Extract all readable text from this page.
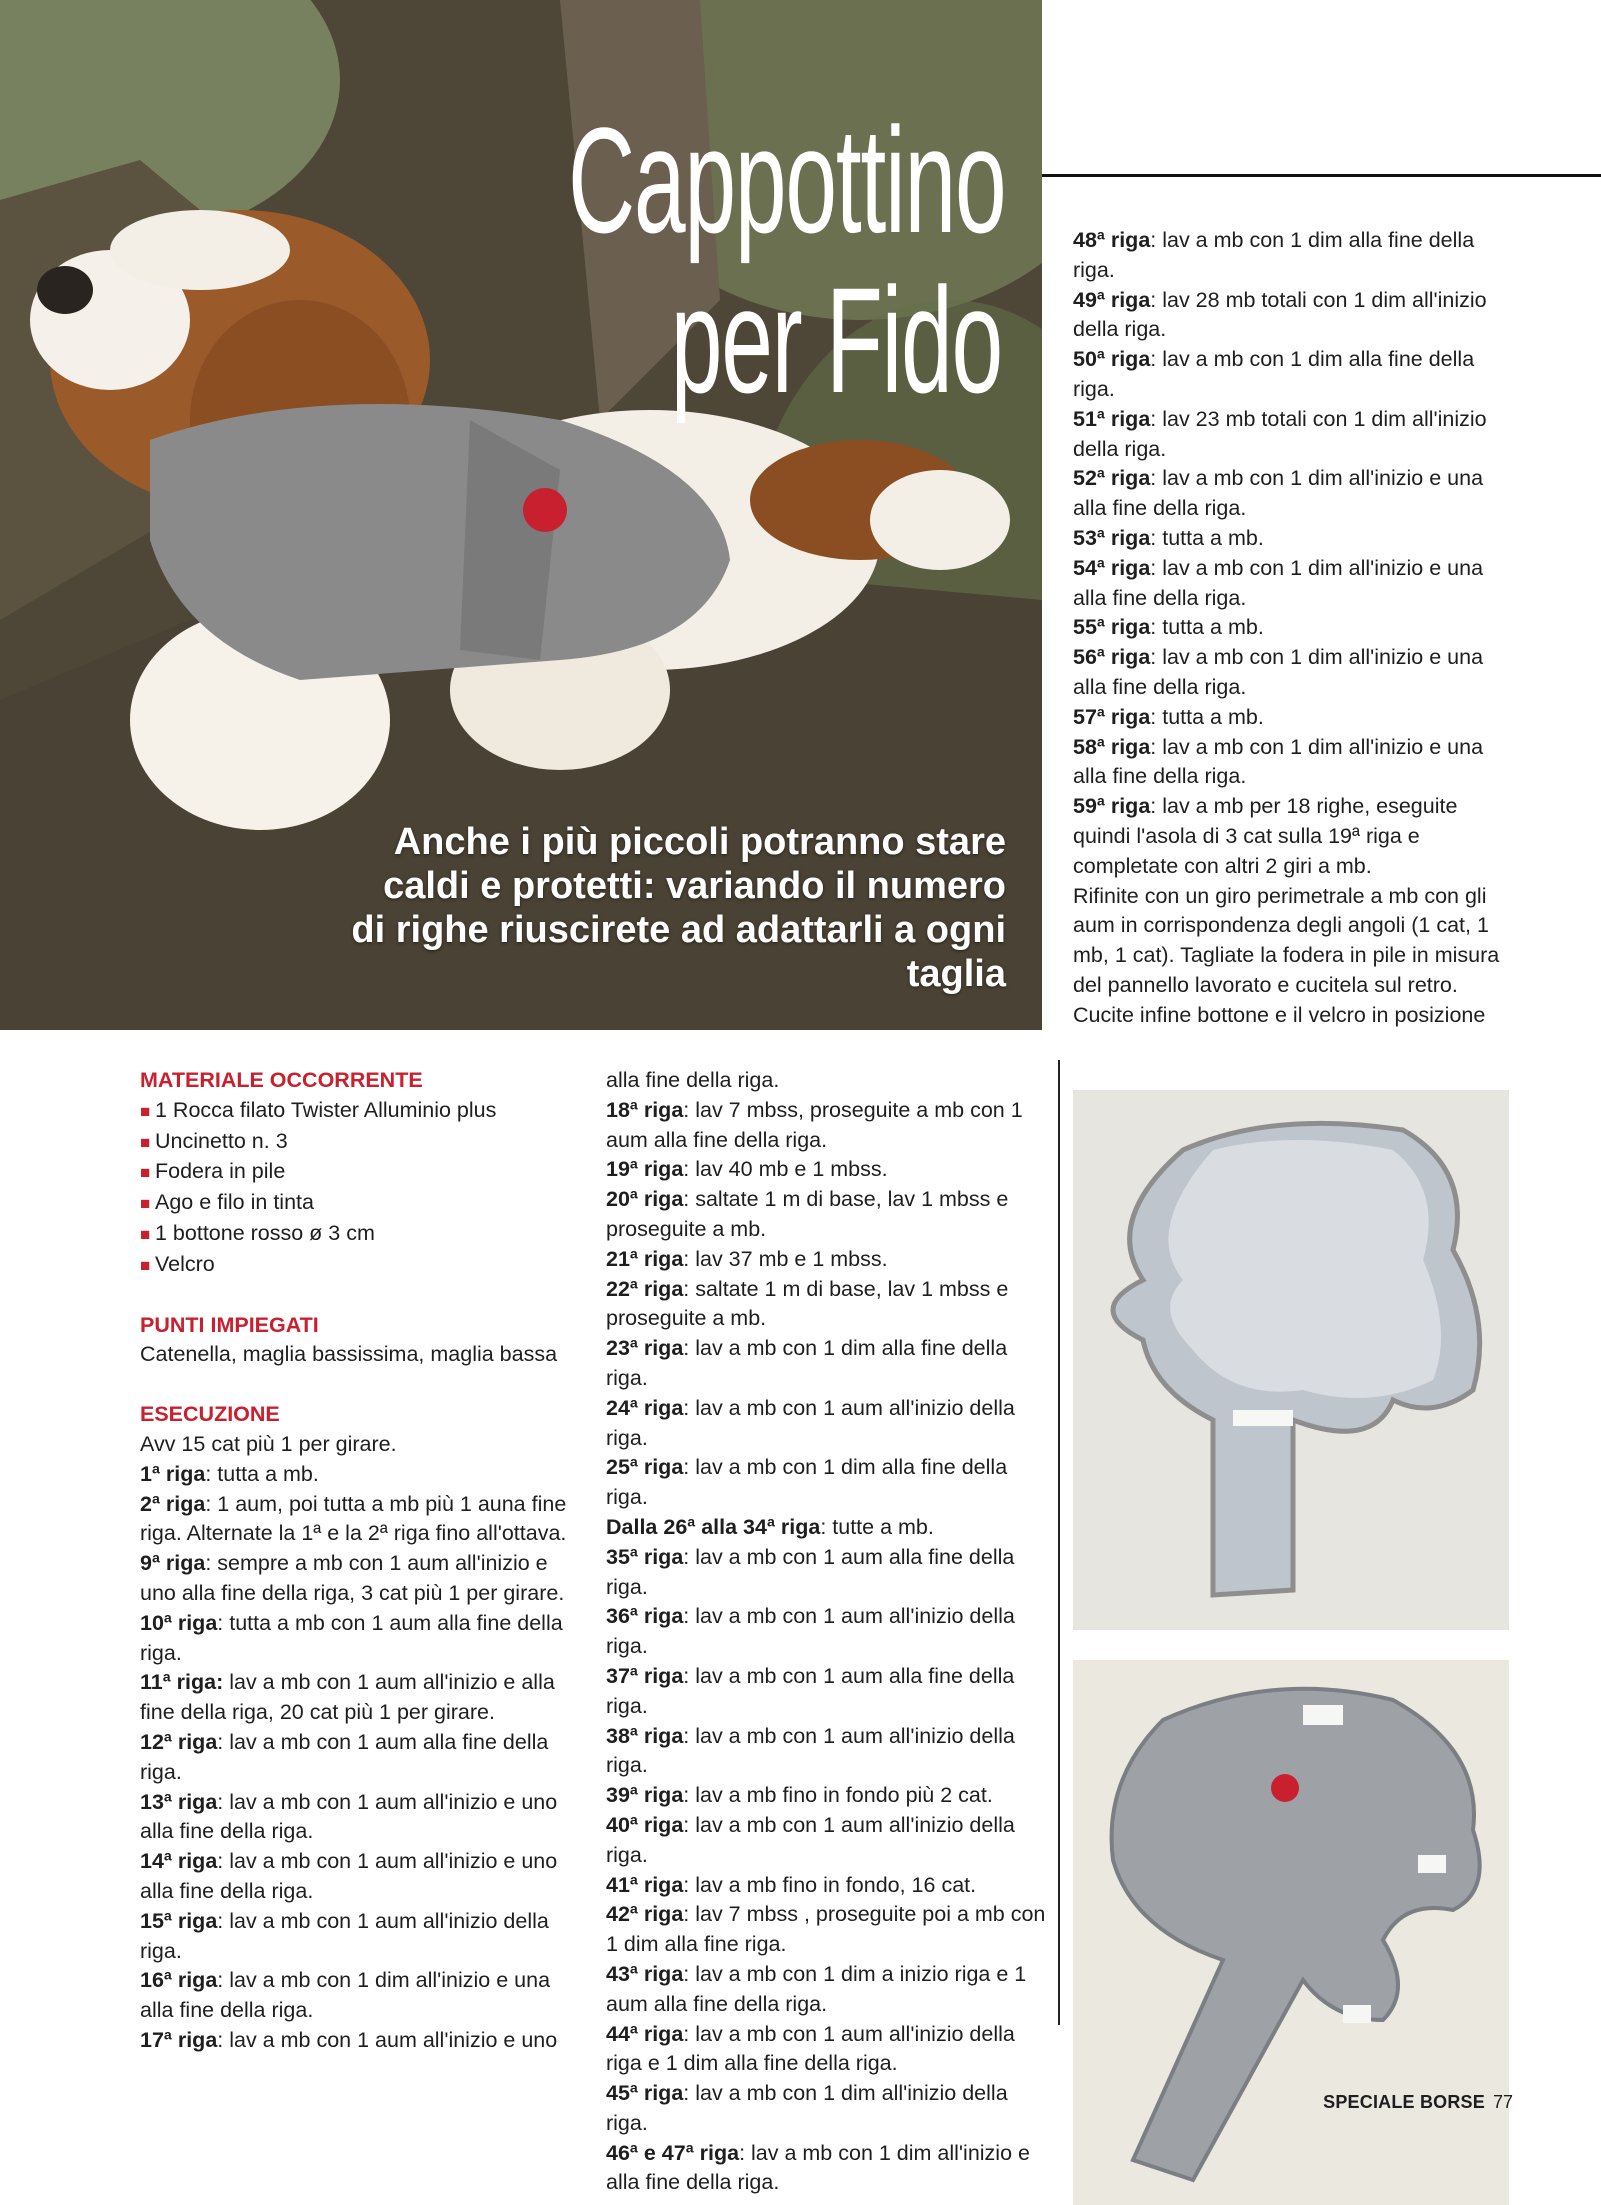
Cappottino
per Fido
Anche i più piccoli potranno stare caldi e protetti: variando il numero di righe riuscirete ad adattarli a ogni taglia

MATERIALE OCCORRENTE

■ 1 Rocca filato Twister Alluminio plus

■ Uncinetto n. 3

■ Fodera in pile

■ Ago e filo in tinta

■ 1 bottone rosso ø 3 cm

■ Velcro

PUNTI IMPIEGATI

Catenella, maglia bassissima, maglia bassa

ESECUZIONE

Avv 15 cat più 1 per girare.

1ª riga: tutta a mb.

2ª riga: 1 aum, poi tutta a mb più 1 auna fine riga. Alternate la 1ª e la 2ª riga fino all'ottava.

9ª riga: sempre a mb con 1 aum all'inizio e uno alla fine della riga, 3 cat più 1 per girare.

10ª riga: tutta a mb con 1 aum alla fine della riga.

11ª riga: lav a mb con 1 aum all'inizio e alla fine della riga, 20 cat più 1 per girare.

12ª riga: lav a mb con 1 aum alla fine della riga.

13ª riga: lav a mb con 1 aum all'inizio e uno alla fine della riga.

14ª riga: lav a mb con 1 aum all'inizio e uno alla fine della riga.

15ª riga: lav a mb con 1 aum all'inizio della riga.

16ª riga: lav a mb con 1 dim all'inizio e una alla fine della riga.

17ª riga: lav a mb con 1 aum all'inizio e uno

alla fine della riga.

18ª riga: lav 7 mbss, proseguite a mb con 1 aum alla fine della riga.

19ª riga: lav 40 mb e 1 mbss.

20ª riga: saltate 1 m di base, lav 1 mbss e proseguite a mb.

21ª riga: lav 37 mb e 1 mbss.

22ª riga: saltate 1 m di base, lav 1 mbss e proseguite a mb.

23ª riga: lav a mb con 1 dim alla fine della riga.

24ª riga: lav a mb con 1 aum all'inizio della riga.

25ª riga: lav a mb con 1 dim alla fine della riga.

Dalla 26ª alla 34ª riga: tutte a mb.

35ª riga: lav a mb con 1 aum alla fine della riga.

36ª riga: lav a mb con 1 aum all'inizio della riga.

37ª riga: lav a mb con 1 aum alla fine della riga.

38ª riga: lav a mb con 1 aum all'inizio della riga.

39ª riga: lav a mb fino in fondo più 2 cat.

40ª riga: lav a mb con 1 aum all'inizio della riga.

41ª riga: lav a mb fino in fondo, 16 cat.

42ª riga: lav 7 mbss , proseguite poi a mb con 1 dim alla fine riga.

43ª riga: lav a mb con 1 dim a inizio riga e 1 aum alla fine della riga.

44ª riga: lav a mb con 1 aum all'inizio della riga e 1 dim alla fine della riga.

45ª riga: lav a mb con 1 dim all'inizio della riga.

46ª e 47ª riga: lav a mb con 1 dim all'inizio e alla fine della riga.

48ª riga: lav a mb con 1 dim alla fine della riga.

49ª riga: lav 28 mb totali con 1 dim all'inizio della riga.

50ª riga: lav a mb con 1 dim alla fine della riga.

51ª riga: lav 23 mb totali con 1 dim all'inizio della riga.

52ª riga: lav a mb con 1 dim all'inizio e una alla fine della riga.

53ª riga: tutta a mb.

54ª riga: lav a mb con 1 dim all'inizio e una alla fine della riga.

55ª riga: tutta a mb.

56ª riga: lav a mb con 1 dim all'inizio e una alla fine della riga.

57ª riga: tutta a mb.

58ª riga: lav a mb con 1 dim all'inizio e una alla fine della riga.

59ª riga: lav a mb per 18 righe, eseguite quindi l'asola di 3 cat sulla 19ª riga e completate con altri 2 giri a mb.

Rifinite con un giro perimetrale a mb con gli aum in corrispondenza degli angoli (1 cat, 1 mb, 1 cat). Tagliate la fodera in pile in misura del pannello lavorato e cucitela sul retro. Cucite infine bottone e il velcro in posizione

SPECIALE BORSE 77
